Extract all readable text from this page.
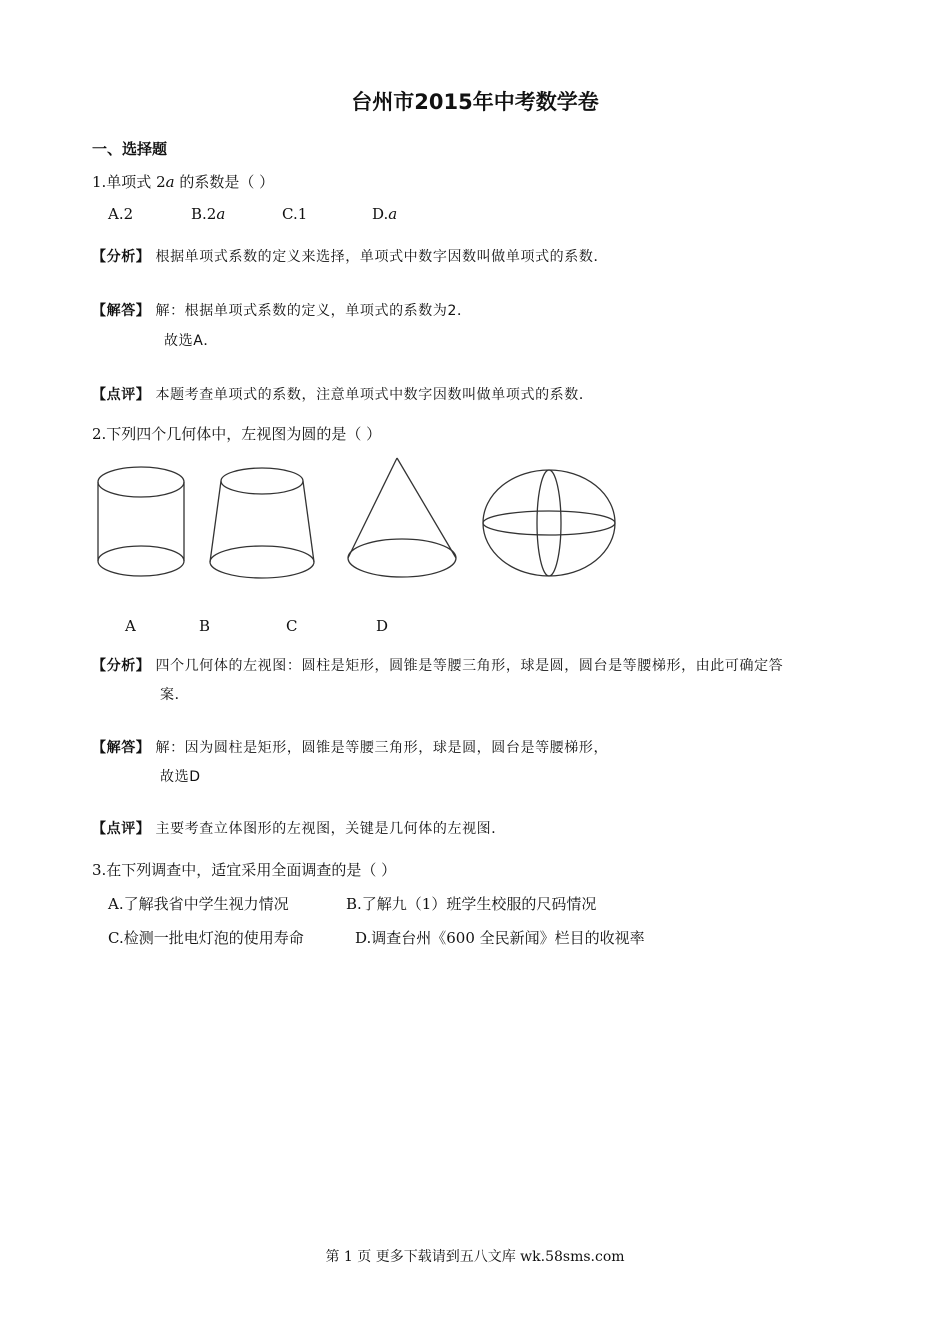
台州市2015年中考数学卷
一、选择题
1.单项式 2a 的系数是（ ）
A.2	B.2a	C.1	D.a
【分析】 根据单项式系数的定义来选择，单项式中数字因数叫做单项式的系数．
【解答】 解：根据单项式系数的定义，单项式的系数为2．
故选A．
【点评】 本题考查单项式的系数，注意单项式中数字因数叫做单项式的系数．
2.下列四个几何体中，左视图为圆的是（ ）
A	B	C	D
【分析】 四个几何体的左视图：圆柱是矩形，圆锥是等腰三角形，球是圆，圆台是等腰梯形，由此可确定答
案．
【解答】 解：因为圆柱是矩形，圆锥是等腰三角形，球是圆，圆台是等腰梯形，
故选D
【点评】 主要考查立体图形的左视图，关键是几何体的左视图．
3.在下列调查中，适宜采用全面调查的是（ ）
A.了解我省中学生视力情况	B.了解九（1）班学生校服的尺码情况
C.检测一批电灯泡的使用寿命	D.调查台州《600 全民新闻》栏目的收视率
第 1 页 更多下载请到五八文库 wk.58sms.com
